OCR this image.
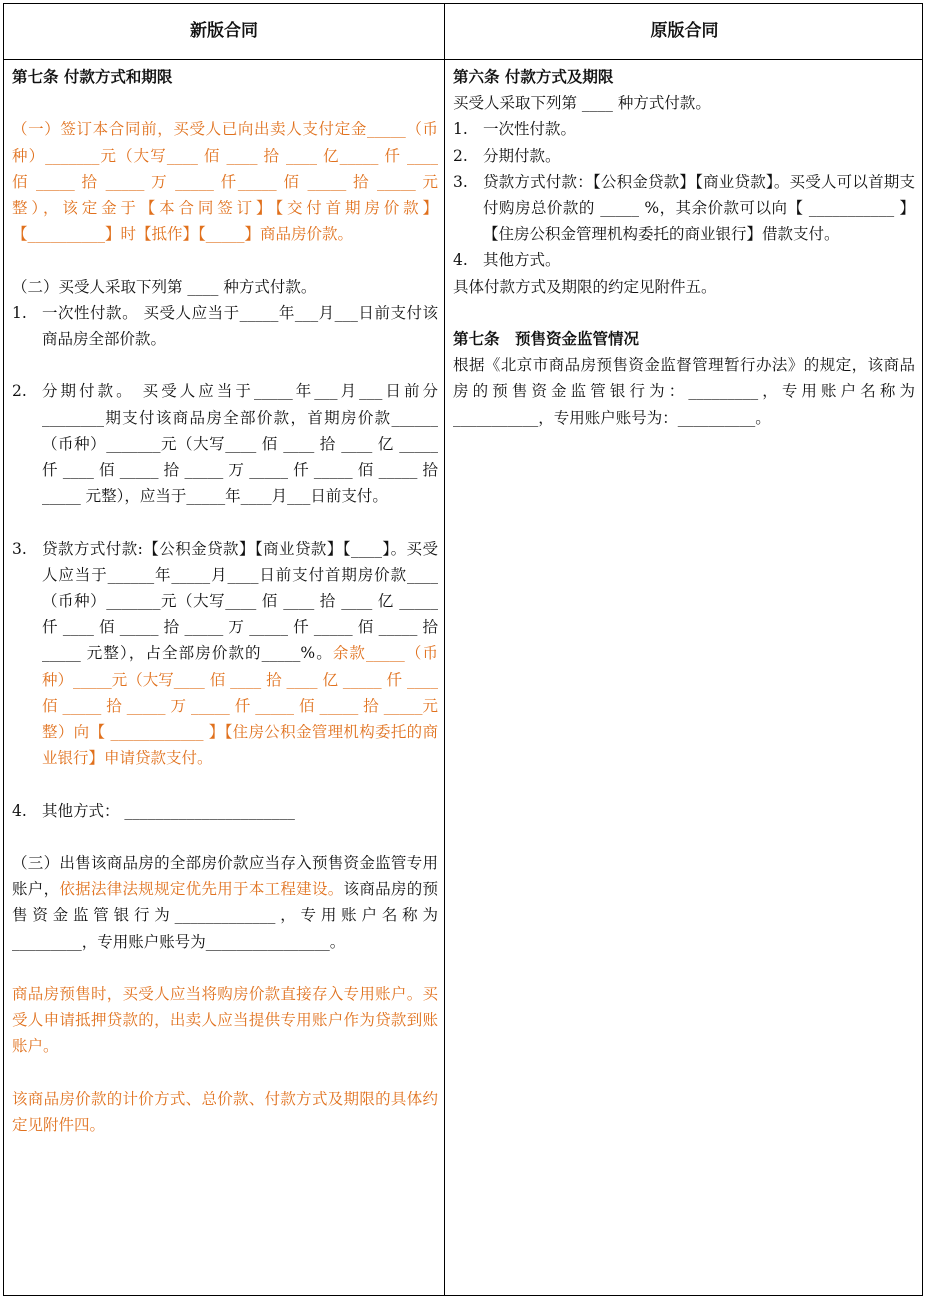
新版合同	原版合同

第七条 付款方式和期限

（一）签订本合同前，买受人已向出卖人支付定金_____（币种）_______元（大写____ 佰 ____ 拾 ____ 亿_____ 仟 ____ 佰 _____ 拾 _____ 万 _____ 仟_____ 佰 _____ 拾 _____ 元整），该定金于【本合同签订】【交付首期房价款】【__________】时【抵作】【_____】商品房价款。

（二）买受人采取下列第 ____ 种方式付款。

1. 一次性付款。 买受人应当于_____年___月___日前支付该商品房全部价款。
2. 分期付款。 买受人应当于_____年___月___日前分________期支付该商品房全部价款，首期房价款______（币种）_______元（大写____ 佰 ____ 拾 ____ 亿 _____ 仟 ____ 佰 _____ 拾 _____ 万 _____ 仟 _____ 佰 _____ 拾 _____ 元整），应当于_____年____月___日前支付。
3. 贷款方式付款:【公积金贷款】【商业贷款】【____】。买受人应当于______年_____月____日前支付首期房价款____（币种）_______元（大写____ 佰 ____ 拾 ____ 亿 _____ 仟 ____ 佰 _____ 拾 _____ 万 _____ 仟 _____ 佰 _____ 拾 _____ 元整），占全部房价款的_____%。余款_____（币种）_____元（大写____ 佰 ____ 拾 ____ 亿 _____ 仟 ____ 佰 _____ 拾 _____ 万 _____ 仟 _____ 佰 _____ 拾 _____元整）向【 ____________ 】【住房公积金管理机构委托的商业银行】申请贷款支付。
4. 其他方式： ______________________

（三）出售该商品房的全部房价款应当存入预售资金监管专用账户，依据法律法规规定优先用于本工程建设。该商品房的预售资金监管银行为_____________，专用账户名称为_________，专用账户账号为________________。

商品房预售时，买受人应当将购房价款直接存入专用账户。买受人申请抵押贷款的，出卖人应当提供专用账户作为贷款到账账户。

该商品房价款的计价方式、总价款、付款方式及期限的具体约定见附件四。

第六条 付款方式及期限

买受人采取下列第 ____ 种方式付款。

1. 一次性付款。
2. 分期付款。
3. 贷款方式付款：【公积金贷款】【商业贷款】。买受人可以首期支付购房总价款的 _____ %，其余价款可以向【 ___________ 】【住房公积金管理机构委托的商业银行】借款支付。
4. 其他方式。

具体付款方式及期限的约定见附件五。

第七条　预售资金监管情况

根据《北京市商品房预售资金监督管理暂行办法》的规定，该商品房的预售资金监管银行为：_________，专用账户名称为___________，专用账户账号为：__________。
